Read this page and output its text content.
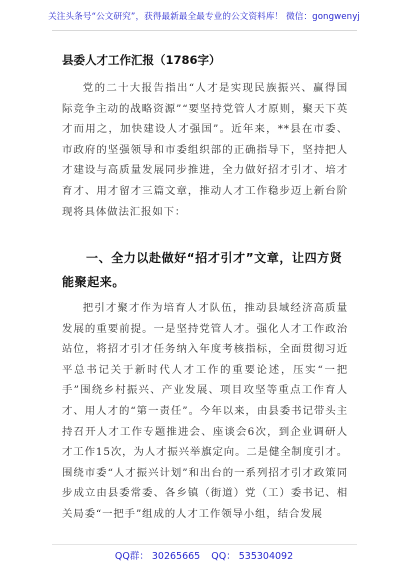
关注头条号“公文研究”，获得最新最全最专业的公文资料库！ 微信：gongwenyj
县委人才工作汇报（1786字）

党的二十大报告指出“人才是实现民族振兴、赢得国际竞争主动的战略资源”“要坚持党管人才原则，聚天下英才而用之，加快建设人才强国”。近年来，**县在市委、市政府的坚强领导和市委组织部的正确指导下，坚持把人才建设与高质量发展同步推进，全力做好招才引才、培才育才、用才留才三篇文章，推动人才工作稳步迈上新台阶现将具体做法汇报如下：

一、全力以赴做好“招才引才”文章，让四方贤能聚起来。

把引才聚才作为培育人才队伍，推动县域经济高质量发展的重要前提。一是坚持党管人才。强化人才工作政治站位，将招才引才任务纳入年度考核指标，全面贯彻习近平总书记关于新时代人才工作的重要论述，压实“一把手”围绕乡村振兴、产业发展、项目攻坚等重点工作育人才、用人才的“第一责任”。今年以来，由县委书记带头主持召开人才工作专题推进会、座谈会6次，到企业调研人才工作15次，为人才振兴举旗定向。二是健全制度引才。围绕市委“人才振兴计划”和出台的一系列招才引才政策同步成立由县委常委、各乡镇（街道）党（工）委书记、相关局委“一把手”组成的人才工作领导小组，结合发展

QQ群： 30265665 QQ： 535304092
